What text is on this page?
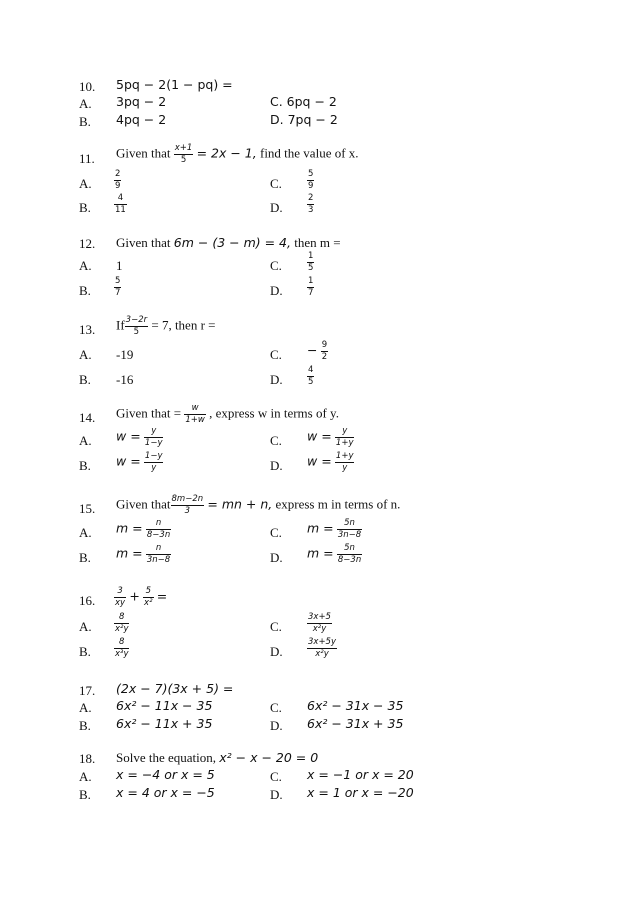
10. 5pq − 2(1 − pq) =
A. 3pq − 2	C. 6pq − 2
B. 4pq − 2	D. 7pq − 2
11. Given that $\frac{x+1}{5} = 2x - 1$, find the value of x.
A.	$\frac{2}{9}$	C.	$\frac{5}{9}$
B.	$\frac{4}{11}$	D.	$\frac{2}{3}$
12. Given that 6m − (3 − m) = 4, then m =
A. 1	C.	$\frac{1}{5}$
B.	$\frac{5}{7}$	D.	$\frac{1}{7}$
13. If $\frac{3-2r}{5} = 7$, then r =
A. -19	C. − $\frac{9}{2}$
B. -16	D.	$\frac{4}{5}$
14. Given that = $\frac{w}{1+w}$ , express w in terms of y.
A. $w = \frac{y}{1-y}$	C. $w = \frac{y}{1+y}$
B. $w = \frac{1-y}{y}$	D. $w = \frac{1+y}{y}$
15. Given that $\frac{8m-2n}{3}$ = mn + n, express m in terms of n.
A. $m = \frac{n}{8-3n}$	C. $m = \frac{5n}{3n-8}$
B. $m = \frac{n}{3n-8}$	D. $m = \frac{5n}{8-3n}$
16. $\frac{3}{xy} + \frac{5}{\text{x²}}$ =
A.	$\frac{8}{\text{x²y}}$	C.	$\frac{3x+5}{\text{x²y}}$
B.	$\frac{8}{\text{x³y}}$	D.	$\frac{3x+5y}{\text{x²y}}$
17. (2x − 7)(3x + 5) =
A. 6x² − 11x − 35	C. 6x² − 31x − 35
B. 6x² − 11x + 35	D. 6x² − 31x + 35
18. Solve the equation, x² − x − 20 = 0
A. x = −4 or x = 5	C. x = −1 or x = 20
B. x = 4 or x = −5	D. x = 1 or x = −20
